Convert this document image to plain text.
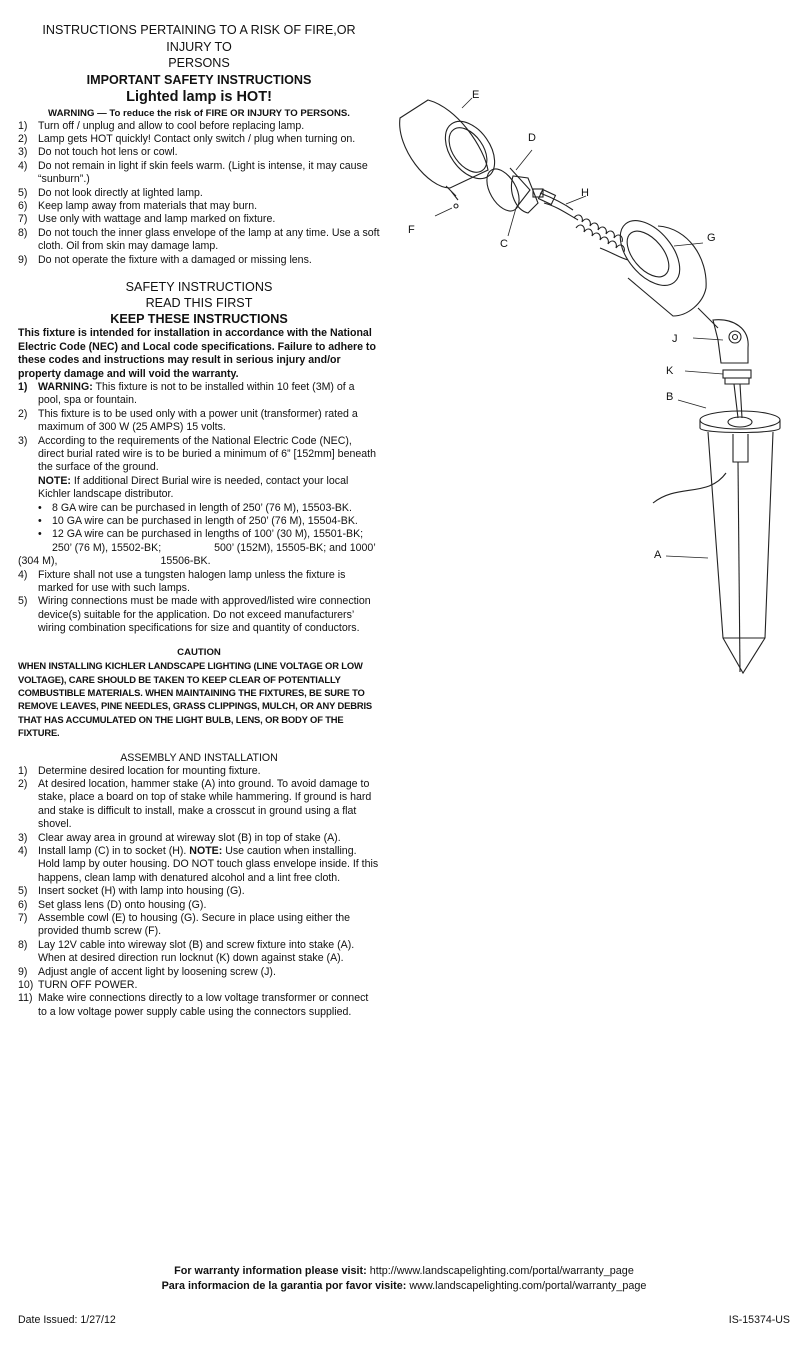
INSTRUCTIONS PERTAINING TO A RISK OF FIRE,OR INJURY TO
PERSONS
IMPORTANT SAFETY INSTRUCTIONS
Lighted lamp is HOT!
WARNING — To reduce the risk of FIRE OR INJURY TO PERSONS.
1) Turn off / unplug and allow to cool before replacing lamp.
2) Lamp gets HOT quickly! Contact only switch / plug when turning on.
3) Do not touch hot lens or cowl.
4) Do not remain in light if skin feels warm. (Light is intense, it may cause “sunburn”.)
5) Do not look directly at lighted lamp.
6) Keep lamp away from materials that may burn.
7) Use only with wattage and lamp marked on fixture.
8) Do not touch the inner glass envelope of the lamp at any time. Use a soft cloth. Oil from skin may damage lamp.
9) Do not operate the fixture with a damaged or missing lens.
SAFETY INSTRUCTIONS
READ THIS FIRST
KEEP THESE INSTRUCTIONS
This fixture is intended for installation in accordance with the National Electric Code (NEC) and Local code specifications. Failure to adhere to these codes and instructions may result in serious injury and/or property damage and will void the warranty.
1) WARNING: This fixture is not to be installed within 10 feet (3M) of a pool, spa or fountain.
2) This fixture is to be used only with a power unit (transformer) rated a maximum of 300 W (25 AMPS) 15 volts.
3) According to the requirements of the National Electric Code (NEC), direct burial rated wire is to be buried a minimum of 6” [152mm] beneath the surface of the ground.
NOTE: If additional Direct Burial wire is needed, contact your local Kichler landscape distributor.
• 8 GA wire can be purchased in length of 250’ (76 M), 15503-BK.
• 10 GA wire can be purchased in length of 250’ (76 M), 15504-BK.
• 12 GA wire can be purchased in lengths of 100’ (30 M), 15501-BK;
250’ (76 M), 15502-BK;                  500’ (152M), 15505-BK; and 1000’
(304 M),                                   15506-BK.
4) Fixture shall not use a tungsten halogen lamp unless the fixture is marked for use with such lamps.
5) Wiring connections must be made with approved/listed wire connection device(s) suitable for the application. Do not exceed manufacturers’ wiring combination specifications for size and quantity of conductors.
CAUTION
WHEN INSTALLING KICHLER LANDSCAPE LIGHTING (LINE VOLTAGE OR LOW VOLTAGE), CARE SHOULD BE TAKEN TO KEEP CLEAR OF POTENTIALLY COMBUSTIBLE MATERIALS. WHEN MAINTAINING THE FIXTURES, BE SURE TO REMOVE LEAVES, PINE NEEDLES, GRASS CLIPPINGS, MULCH, OR ANY DEBRIS THAT HAS ACCUMULATED ON THE LIGHT BULB, LENS, OR BODY OF THE FIXTURE.
ASSEMBLY AND INSTALLATION
1) Determine desired location for mounting fixture.
2) At desired location, hammer stake (A) into ground. To avoid damage to stake, place a board on top of stake while hammering. If ground is hard and stake is difficult to install, make a crosscut in ground using a flat shovel.
3) Clear away area in ground at wireway slot (B) in top of stake (A).
4) Install lamp (C) in to socket (H). NOTE: Use caution when installing. Hold lamp by outer housing. DO NOT touch glass envelope inside. If this happens, clean lamp with denatured alcohol and a lint free cloth.
5) Insert socket (H) with lamp into housing (G).
6) Set glass lens (D) onto housing (G).
7) Assemble cowl (E) to housing (G). Secure in place using either the provided thumb screw (F).
8) Lay 12V cable into wireway slot (B) and screw fixture into stake (A). When at desired direction run locknut (K) down against stake (A).
9) Adjust angle of accent light by loosening screw (J).
10) TURN OFF POWER.
11) Make wire connections directly to a low voltage transformer or connect to a low voltage power supply cable using the connectors supplied.
E
D
H
F
C	G
J
K
B
A
For warranty information please visit: http://www.landscapelighting.com/portal/warranty_page
Para informacion de la garantia por favor visite: www.landscapelighting.com/portal/warranty_page
Date Issued: 1/27/12	IS-15374-US
